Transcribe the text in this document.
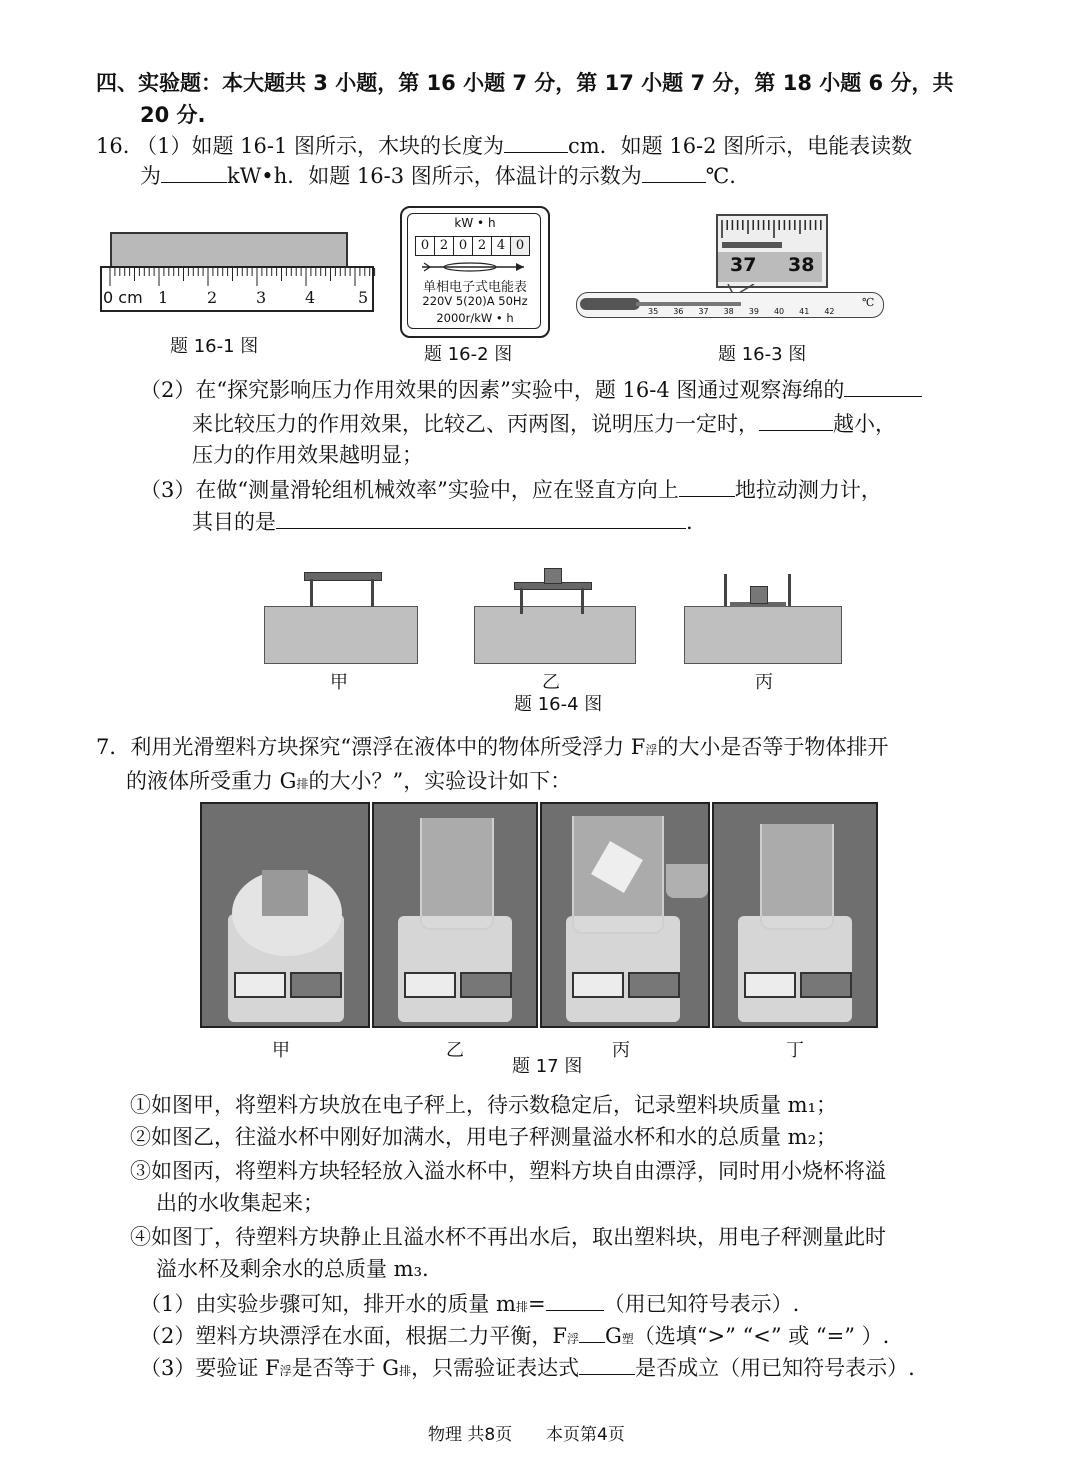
四、实验题：本大题共 3 小题，第 16 小题 7 分，第 17 小题 7 分，第 18 小题 6 分，共
20 分.
16. （1）如题 16-1 图所示，木块的长度为	cm．如题 16-2 图所示，电能表读数
为	kW•h．如题 16-3 图所示，体温计的示数为	℃.
0 cm 1 2 3 4	5
题 16-1 图
kW • h
0 2 0 2 4 0
单相电子式电能表
220V 5(20)A 50Hz
2000r/kW • h
题 16-2 图
37 38
35 36 37 38 39 40 41 42
℃
题 16-3 图
（2）在“探究影响压力作用效果的因素”实验中，题 16-4 图通过观察海绵的
来比较压力的作用效果，比较乙、丙两图，说明压力一定时，	越小，
压力的作用效果越明显；
（3）在做“测量滑轮组机械效率”实验中，应在竖直方向上	地拉动测力计，
其目的是	.
甲	乙	丙
题 16-4 图
7．利用光滑塑料方块探究“漂浮在液体中的物体所受浮力 F浮的大小是否等于物体排开
的液体所受重力 G排的大小？”，实验设计如下：
甲	乙	丙	丁
题 17 图
①如图甲，将塑料方块放在电子秤上，待示数稳定后，记录塑料块质量 m₁；
②如图乙，往溢水杯中刚好加满水，用电子秤测量溢水杯和水的总质量 m₂；
③如图丙，将塑料方块轻轻放入溢水杯中，塑料方块自由漂浮，同时用小烧杯将溢
出的水收集起来；
④如图丁，待塑料方块静止且溢水杯不再出水后，取出塑料块，用电子秤测量此时
溢水杯及剩余水的总质量 m₃.
（1）由实验步骤可知，排开水的质量 m排=	（用已知符号表示）.
（2）塑料方块漂浮在水面，根据二力平衡，F浮 G塑（选填“>” “<” 或 “=” ）.
（3）要验证 F浮是否等于 G排，只需验证表达式	是否成立（用已知符号表示）.
物理 共8页 本页第4页
